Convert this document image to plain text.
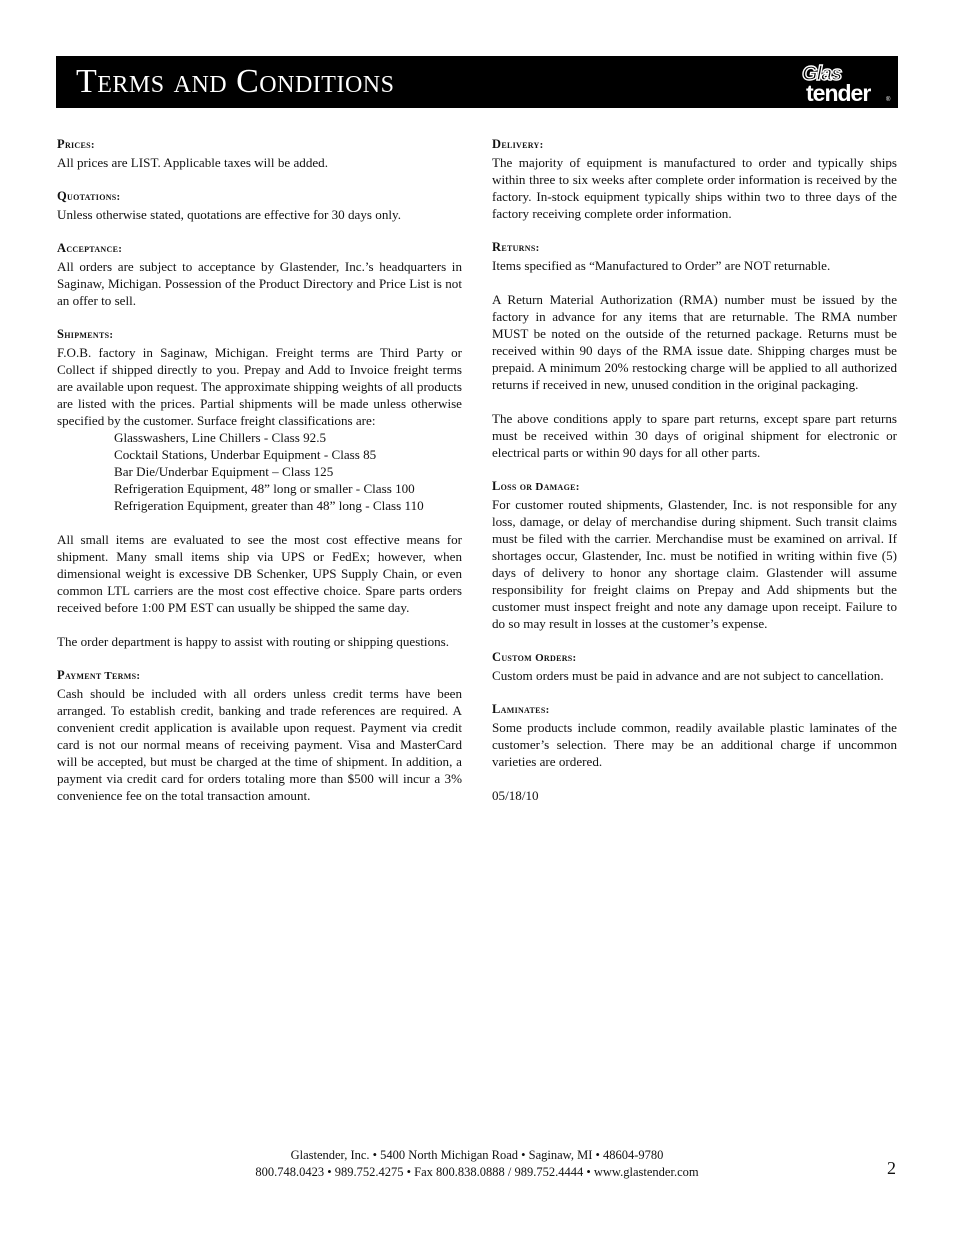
Terms and Conditions	Glas
tender	®
Prices:

All prices are LIST. Applicable taxes will be added.

Quotations:

Unless otherwise stated, quotations are effective for 30 days only.

Acceptance:

All orders are subject to acceptance by Glastender, Inc.’s headquarters in Saginaw, Michigan. Possession of the Product Directory and Price List is not an offer to sell.

Shipments:

F.O.B. factory in Saginaw, Michigan. Freight terms are Third Party or Collect if shipped directly to you. Prepay and Add to Invoice freight terms are available upon request. The approximate shipping weights of all products are listed with the prices. Partial shipments will be made unless otherwise specified by the customer. Surface freight classifications are:

Glasswashers, Line Chillers - Class 92.5
Cocktail Stations, Underbar Equipment - Class 85
Bar Die/Underbar Equipment – Class 125
Refrigeration Equipment, 48” long or smaller - Class 100
Refrigeration Equipment, greater than 48” long - Class 110

All small items are evaluated to see the most cost effective means for shipment. Many small items ship via UPS or FedEx; however, when dimensional weight is excessive DB Schenker, UPS Supply Chain, or even common LTL carriers are the most cost effective choice. Spare parts orders received before 1:00 PM EST can usually be shipped the same day.

The order department is happy to assist with routing or shipping questions.

Payment Terms:

Cash should be included with all orders unless credit terms have been arranged. To establish credit, banking and trade references are required. A convenient credit application is available upon request. Payment via credit card is not our normal means of receiving payment. Visa and MasterCard will be accepted, but must be charged at the time of shipment. In addition, a payment via credit card for orders totaling more than $500 will incur a 3% convenience fee on the total transaction amount.

Delivery:

The majority of equipment is manufactured to order and typically ships within three to six weeks after complete order information is received by the factory. In-stock equipment typically ships within two to three days of the factory receiving complete order information.

Returns:

Items specified as “Manufactured to Order” are NOT returnable.

A Return Material Authorization (RMA) number must be issued by the factory in advance for any items that are returnable. The RMA number MUST be noted on the outside of the returned package. Returns must be received within 90 days of the RMA issue date. Shipping charges must be prepaid. A minimum 20% restocking charge will be applied to all authorized returns if received in new, unused condition in the original packaging.

The above conditions apply to spare part returns, except spare part returns must be received within 30 days of original shipment for electronic or electrical parts or within 90 days for all other parts.

Loss or Damage:

For customer routed shipments, Glastender, Inc. is not responsible for any loss, damage, or delay of merchandise during shipment. Such transit claims must be filed with the carrier. Merchandise must be examined on arrival. If shortages occur, Glastender, Inc. must be notified in writing within five (5) days of delivery to honor any shortage claim. Glastender will assume responsibility for freight claims on Prepay and Add shipments but the customer must inspect freight and note any damage upon receipt. Failure to do so may result in losses at the customer’s expense.

Custom Orders:

Custom orders must be paid in advance and are not subject to cancellation.

Laminates:

Some products include common, readily available plastic laminates of the customer’s selection. There may be an additional charge if uncommon varieties are ordered.

05/18/10

Glastender, Inc. • 5400 North Michigan Road • Saginaw, MI • 48604-9780
800.748.0423 • 989.752.4275 • Fax 800.838.0888 / 989.752.4444 • www.glastender.com	2
